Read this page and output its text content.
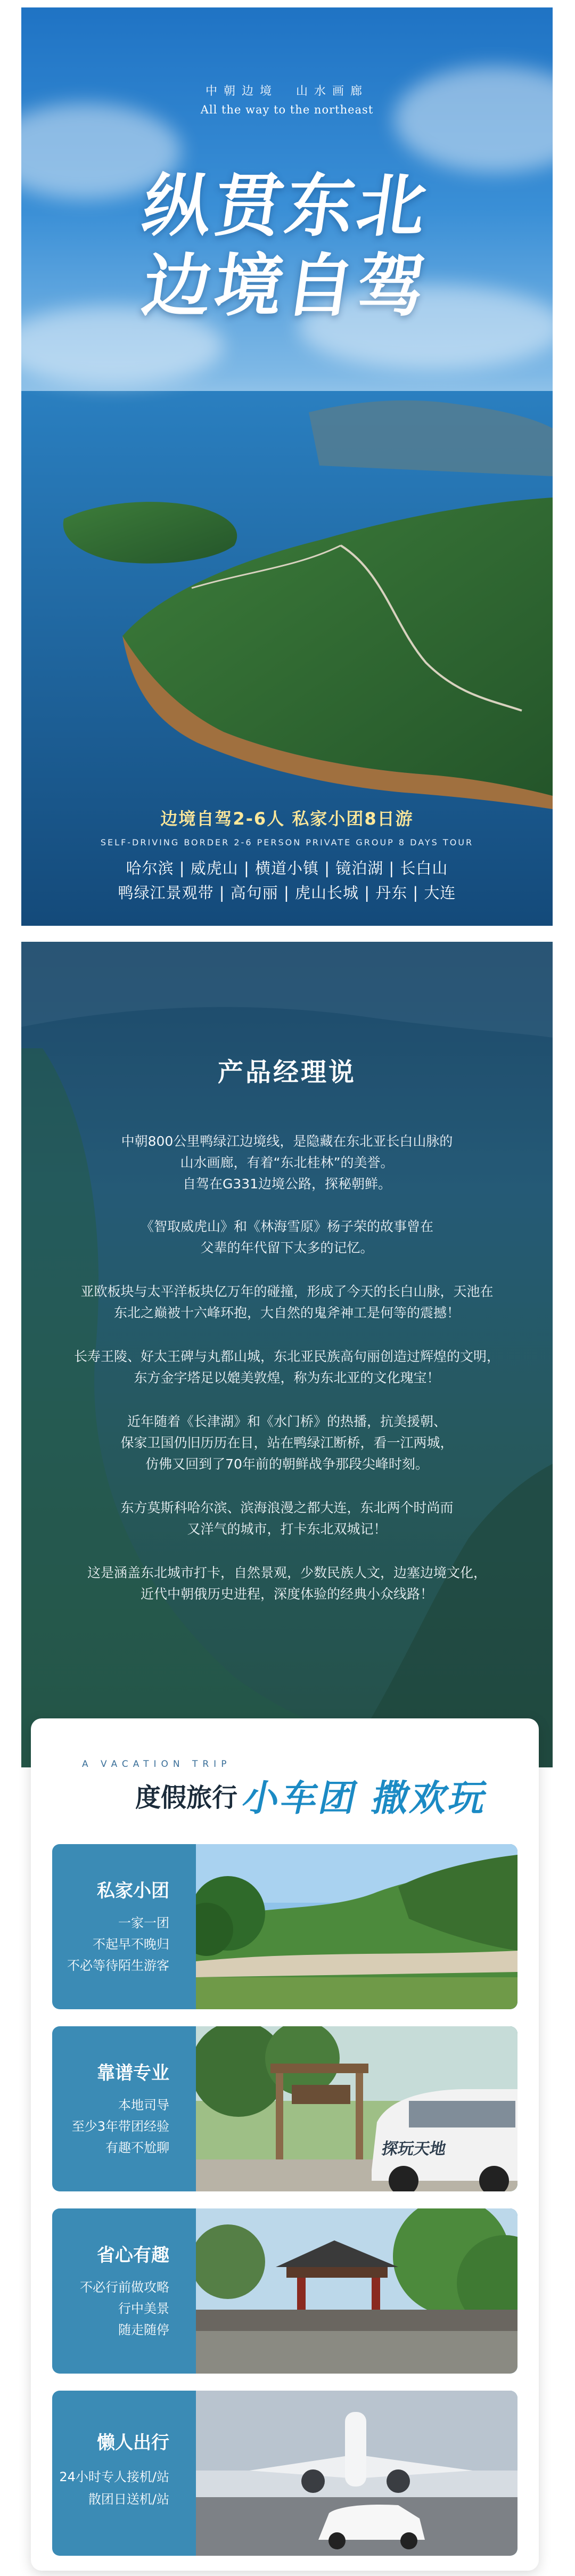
中朝边境　山水画廊
All the way to the northeast
纵贯东北
边境自驾
边境自驾2-6人 私家小团8日游
SELF-DRIVING BORDER 2-6 PERSON PRIVATE GROUP 8 DAYS TOUR
哈尔滨 | 威虎山 | 横道小镇 | 镜泊湖 | 长白山
鸭绿江景观带 | 高句丽 | 虎山长城 | 丹东 | 大连
产品经理说
中朝800公里鸭绿江边境线，是隐藏在东北亚长白山脉的
山水画廊，有着“东北桂林”的美誉。
自驾在G331边境公路，探秘朝鲜。
《智取威虎山》和《林海雪原》杨子荣的故事曾在
父辈的年代留下太多的记忆。
亚欧板块与太平洋板块亿万年的碰撞，形成了今天的长白山脉，天池在
东北之巅被十六峰环抱，大自然的鬼斧神工是何等的震撼！
长寿王陵、好太王碑与丸都山城，东北亚民族高句丽创造过辉煌的文明，
东方金字塔足以媲美敦煌，称为东北亚的文化瑰宝！
近年随着《长津湖》和《水门桥》的热播，抗美援朝、
保家卫国仍旧历历在目，站在鸭绿江断桥，看一江两城，
仿佛又回到了70年前的朝鲜战争那段尖峰时刻。
东方莫斯科哈尔滨、滨海浪漫之都大连，东北两个时尚而
又洋气的城市，打卡东北双城记！
这是涵盖东北城市打卡，自然景观，少数民族人文，边塞边境文化，
近代中朝俄历史进程，深度体验的经典小众线路！
A VACATION TRIP
度假旅行 小车团 撒欢玩
私家小团
一家一团
不起早不晚归
不必等待陌生游客
靠谱专业
本地司导
至少3年带团经验
有趣不尬聊	探玩天地
省心有趣
不必行前做攻略
行中美景
随走随停
懒人出行
24小时专人接机/站
散团日送机/站
